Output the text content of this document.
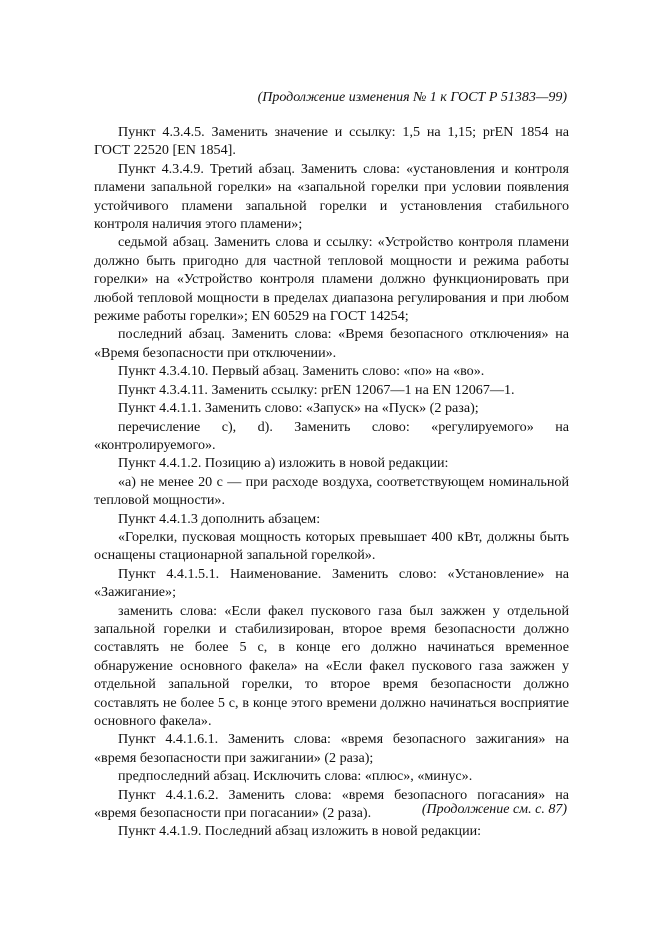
(Продолжение изменения № 1 к ГОСТ Р 51383—99)

Пункт 4.3.4.5. Заменить значение и ссылку: 1,5 на 1,15; prEN 1854 на ГОСТ 22520 [EN 1854].

Пункт 4.3.4.9. Третий абзац. Заменить слова: «установления и контроля пламени запальной горелки» на «запальной горелки при условии появления устойчивого пламени запальной горелки и установления стабильного контроля наличия этого пламени»;

седьмой абзац. Заменить слова и ссылку: «Устройство контроля пламени должно быть пригодно для частной тепловой мощности и режима работы горелки» на «Устройство контроля пламени должно функционировать при любой тепловой мощности в пределах диапазона регулирования и при любом режиме работы горелки»; EN 60529 на ГОСТ 14254;

последний абзац. Заменить слова: «Время безопасного отключения» на «Время безопасности при отключении».

Пункт 4.3.4.10. Первый абзац. Заменить слово: «по» на «во».

Пункт 4.3.4.11. Заменить ссылку: prEN 12067—1 на EN 12067—1.

Пункт 4.4.1.1. Заменить слово: «Запуск» на «Пуск» (2 раза);

перечисление с), d). Заменить слово: «регулируемого» на «контролируемого».

Пункт 4.4.1.2. Позицию а) изложить в новой редакции:

«а) не менее 20 с — при расходе воздуха, соответствующем номинальной тепловой мощности».

Пункт 4.4.1.3 дополнить абзацем:

«Горелки, пусковая мощность которых превышает 400 кВт, должны быть оснащены стационарной запальной горелкой».

Пункт 4.4.1.5.1. Наименование. Заменить слово: «Установление» на «Зажигание»;

заменить слова: «Если факел пускового газа был зажжен у отдельной запальной горелки и стабилизирован, второе время безопасности должно составлять не более 5 с, в конце его должно начинаться временное обнаружение основного факела» на «Если факел пускового газа зажжен у отдельной запальной горелки, то второе время безопасности должно составлять не более 5 с, в конце этого времени должно начинаться восприятие основного факела».

Пункт 4.4.1.6.1. Заменить слова: «время безопасного зажигания» на «время безопасности при зажигании» (2 раза);

предпоследний абзац. Исключить слова: «плюс», «минус».

Пункт 4.4.1.6.2. Заменить слова: «время безопасного погасания» на «время безопасности при погасании» (2 раза).

Пункт 4.4.1.9. Последний абзац изложить в новой редакции:

(Продолжение см. с. 87)
